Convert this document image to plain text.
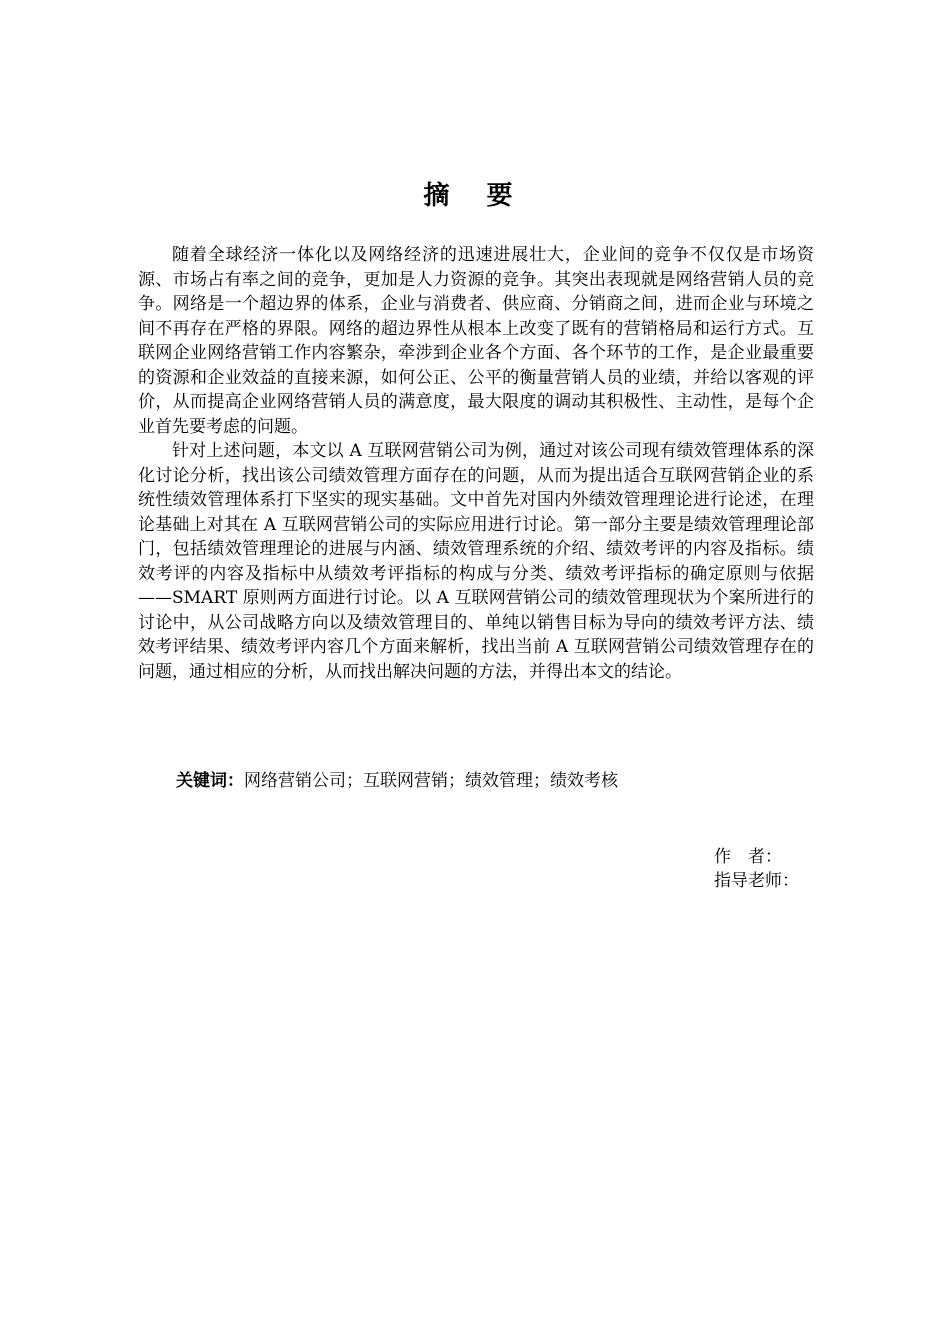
摘 要

随着全球经济一体化以及网络经济的迅速进展壮大，企业间的竞争不仅仅是市场资源、市场占有率之间的竞争，更加是人力资源的竞争。其突出表现就是网络营销人员的竞争。网络是一个超边界的体系，企业与消费者、供应商、分销商之间，进而企业与环境之间不再存在严格的界限。网络的超边界性从根本上改变了既有的营销格局和运行方式。互联网企业网络营销工作内容繁杂，牵涉到企业各个方面、各个环节的工作，是企业最重要的资源和企业效益的直接来源，如何公正、公平的衡量营销人员的业绩，并给以客观的评价，从而提高企业网络营销人员的满意度，最大限度的调动其积极性、主动性，是每个企业首先要考虑的问题。

针对上述问题，本文以 A 互联网营销公司为例，通过对该公司现有绩效管理体系的深化讨论分析，找出该公司绩效管理方面存在的问题，从而为提出适合互联网营销企业的系统性绩效管理体系打下坚实的现实基础。文中首先对国内外绩效管理理论进行论述，在理论基础上对其在 A 互联网营销公司的实际应用进行讨论。第一部分主要是绩效管理理论部门，包括绩效管理理论的进展与内涵、绩效管理系统的介绍、绩效考评的内容及指标。绩效考评的内容及指标中从绩效考评指标的构成与分类、绩效考评指标的确定原则与依据——SMART 原则两方面进行讨论。以 A 互联网营销公司的绩效管理现状为个案所进行的讨论中，从公司战略方向以及绩效管理目的、单纯以销售目标为导向的绩效考评方法、绩效考评结果、绩效考评内容几个方面来解析，找出当前 A 互联网营销公司绩效管理存在的问题，通过相应的分析，从而找出解决问题的方法，并得出本文的结论。

关键词：网络营销公司；互联网营销；绩效管理；绩效考核
作　者：
指导老师：
